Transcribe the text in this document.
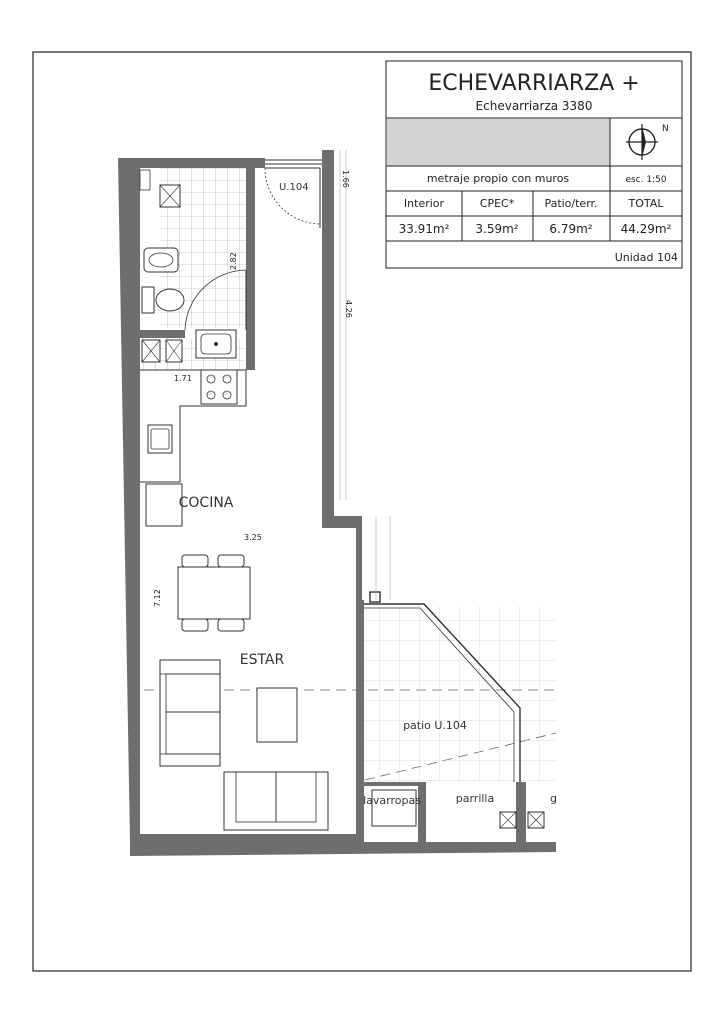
ECHEVARRIARZA +
Echevarriarza 3380
N
metraje propio con muros	esc. 1:50
Interior	CPEC*	Patio/terr.	TOTAL
33.91m² 3.59m²	6.79m² 44.29m²
Unidad 104
U.104
COCINA
ESTAR
patio U.104
lavarropas	parrilla	g
1.66
2.82
4.26
1.71
3.25
7.12
